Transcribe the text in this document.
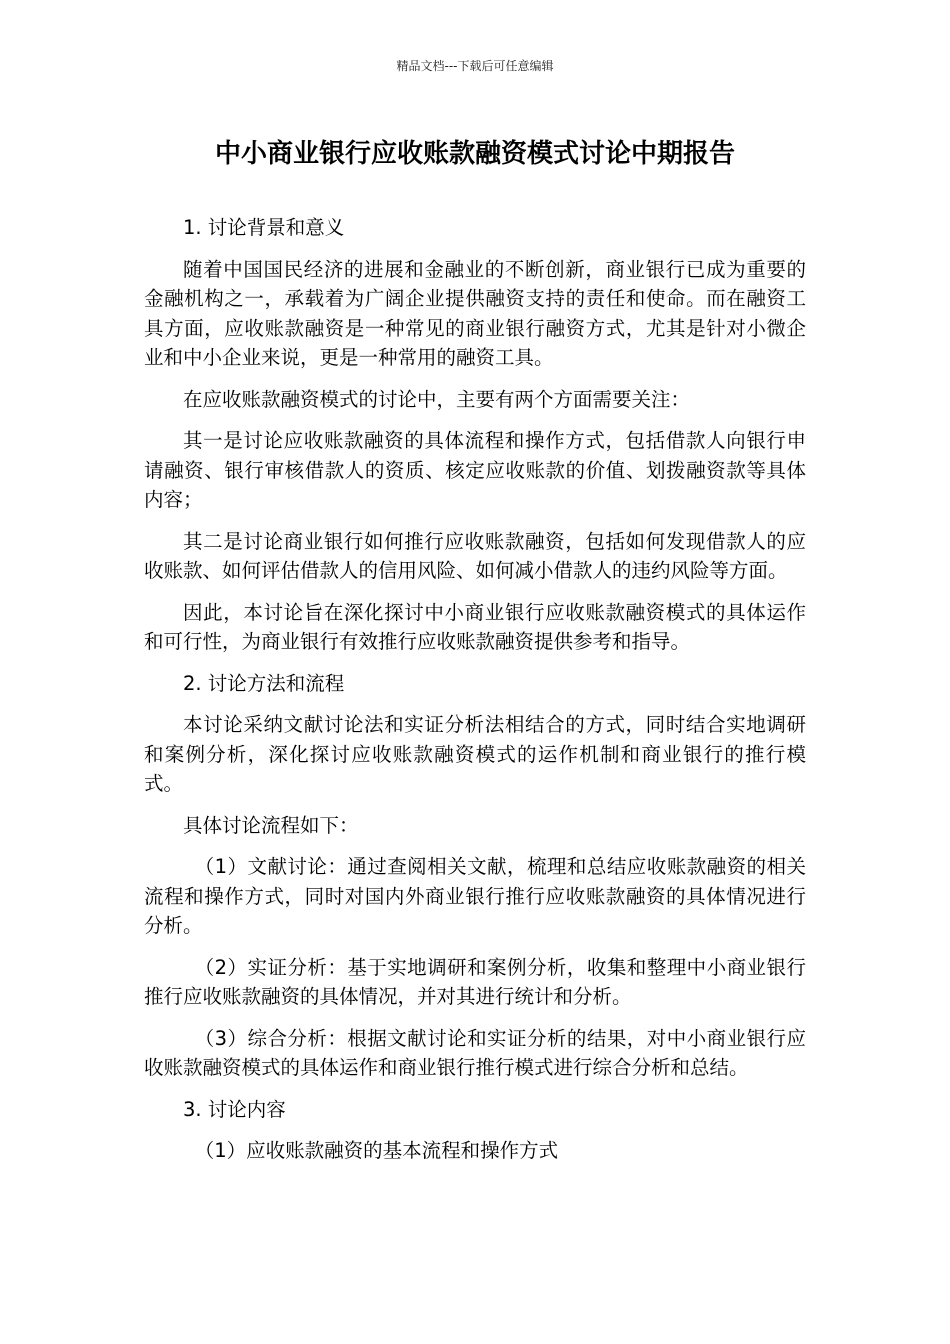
精品文档---下载后可任意编辑
中小商业银行应收账款融资模式讨论中期报告

1. 讨论背景和意义

随着中国国民经济的进展和金融业的不断创新，商业银行已成为重要的金融机构之一，承载着为广阔企业提供融资支持的责任和使命。而在融资工具方面，应收账款融资是一种常见的商业银行融资方式，尤其是针对小微企业和中小企业来说，更是一种常用的融资工具。

在应收账款融资模式的讨论中，主要有两个方面需要关注：

其一是讨论应收账款融资的具体流程和操作方式，包括借款人向银行申请融资、银行审核借款人的资质、核定应收账款的价值、划拨融资款等具体内容；

其二是讨论商业银行如何推行应收账款融资，包括如何发现借款人的应收账款、如何评估借款人的信用风险、如何减小借款人的违约风险等方面。

因此，本讨论旨在深化探讨中小商业银行应收账款融资模式的具体运作和可行性，为商业银行有效推行应收账款融资提供参考和指导。

2. 讨论方法和流程

本讨论采纳文献讨论法和实证分析法相结合的方式，同时结合实地调研和案例分析，深化探讨应收账款融资模式的运作机制和商业银行的推行模式。

具体讨论流程如下：

（1）文献讨论：通过查阅相关文献，梳理和总结应收账款融资的相关流程和操作方式，同时对国内外商业银行推行应收账款融资的具体情况进行分析。

（2）实证分析：基于实地调研和案例分析，收集和整理中小商业银行推行应收账款融资的具体情况，并对其进行统计和分析。

（3）综合分析：根据文献讨论和实证分析的结果，对中小商业银行应收账款融资模式的具体运作和商业银行推行模式进行综合分析和总结。

3. 讨论内容

（1）应收账款融资的基本流程和操作方式
